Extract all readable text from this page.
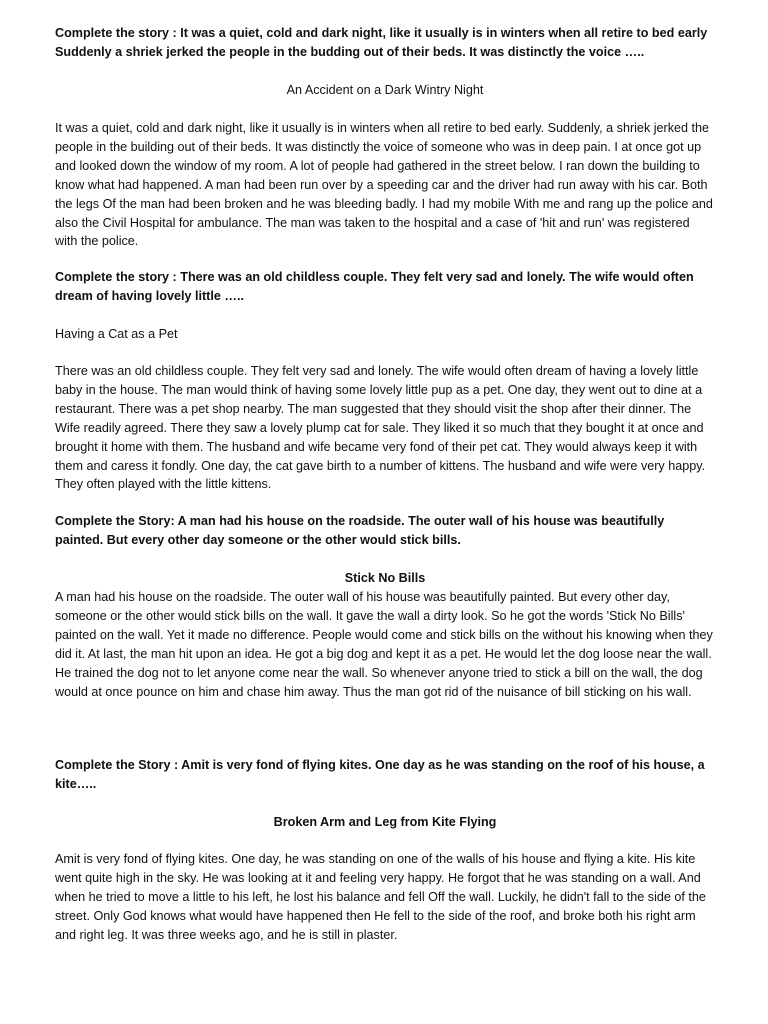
Complete the story : It was a quiet, cold and dark night, like it usually is in winters when all retire to bed early Suddenly a shriek jerked the people in the budding out of their beds. It was distinctly the voice …..

An Accident on a Dark Wintry Night

It was a quiet, cold and dark night, like it usually is in winters when all retire to bed early. Suddenly, a shriek jerked the people in the building out of their beds. It was distinctly the voice of someone who was in deep pain. I at once got up and looked down the window of my room. A lot of people had gathered in the street below. I ran down the building to know what had happened. A man had been run over by a speeding car and the driver had run away with his car. Both the legs Of the man had been broken and he was bleeding badly. I had my mobile With me and rang up the police and also the Civil Hospital for ambulance. The man was taken to the hospital and a case of 'hit and run' was registered with the police.

Complete the story : There was an old childless couple. They felt very sad and lonely. The wife would often dream of having lovely little …..

Having a Cat as a Pet

There was an old childless couple. They felt very sad and lonely. The wife would often dream of having a lovely little baby in the house. The man would think of having some lovely little pup as a pet. One day, they went out to dine at a restaurant. There was a pet shop nearby. The man suggested that they should visit the shop after their dinner. The Wife readily agreed. There they saw a lovely plump cat for sale. They liked it so much that they bought it at once and brought it home with them. The husband and wife became very fond of their pet cat. They would always keep it with them and caress it fondly. One day, the cat gave birth to a number of kittens. The husband and wife were very happy. They often played with the little kittens.

Complete the Story: A man had his house on the roadside. The outer wall of his house was beautifully painted. But every other day someone or the other would stick bills.

Stick No Bills

A man had his house on the roadside. The outer wall of his house was beautifully painted. But every other day, someone or the other would stick bills on the wall. It gave the wall a dirty look. So he got the words 'Stick No Bills' painted on the wall. Yet it made no difference. People would come and stick bills on the without his knowing when they did it. At last, the man hit upon an idea. He got a big dog and kept it as a pet. He would let the dog loose near the wall. He trained the dog not to let anyone come near the wall. So whenever anyone tried to stick a bill on the wall, the dog would at once pounce on him and chase him away. Thus the man got rid of the nuisance of bill sticking on his wall.

Complete the Story : Amit is very fond of flying kites. One day as he was standing on the roof of his house, a kite…..

Broken Arm and Leg from Kite Flying

Amit is very fond of flying kites. One day, he was standing on one of the walls of his house and flying a kite. His kite went quite high in the sky. He was looking at it and feeling very happy. He forgot that he was standing on a wall. And when he tried to move a little to his left, he lost his balance and fell Off the wall. Luckily, he didn't fall to the side of the street. Only God knows what would have happened then He fell to the side of the roof, and broke both his right arm and right leg. It was three weeks ago, and he is still in plaster.
